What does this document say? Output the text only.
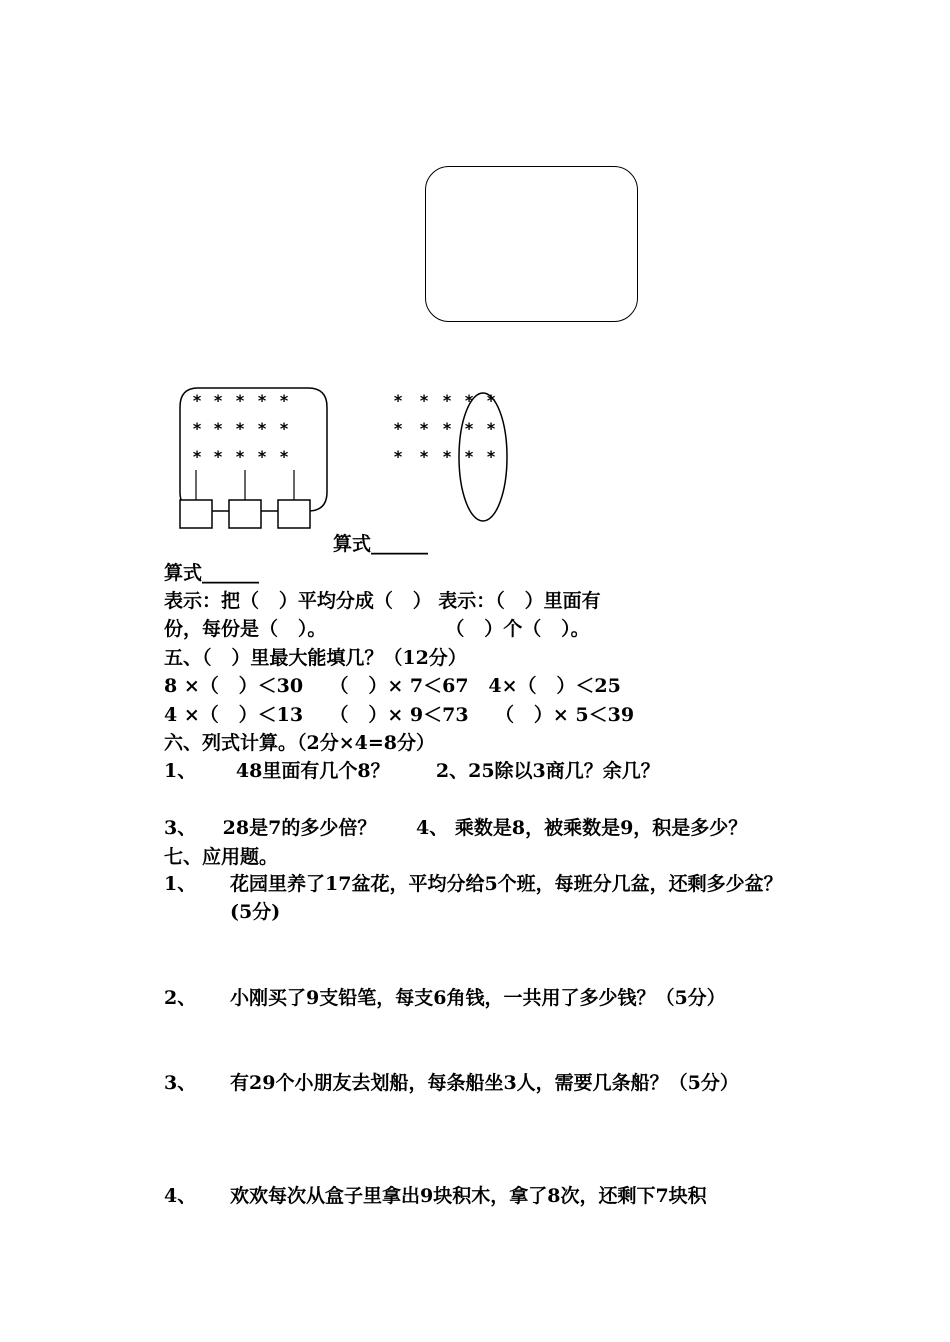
* * * * *
* * * * *
* * * * *
* * * * *
* * * * *
* * * * *
算式______
算式______
表示：把（   ）平均分成（   ） 表示：（   ）里面有
份，每份是（   ）。                  （   ）个（   ）。
五、（   ）里最大能填几？（12分）
8 ×（   ）＜30    （   ）× 7＜67   4×（   ）＜25
4 ×（   ）＜13    （   ）× 9＜73    （   ）× 5＜39
六、列式计算。（2分×4=8分）
1、      48里面有几个8？       2、25除以3商几？余几？
3、    28是7的多少倍？      4、 乘数是8，被乘数是9，积是多少？
七、应用题。
1、 花园里养了17盆花，平均分给5个班，每班分几盆，还剩多少盆？(5分)
2、 小刚买了9支铅笔，每支6角钱，一共用了多少钱？（5分）
3、 有29个小朋友去划船，每条船坐3人，需要几条船？（5分）
4、 欢欢每次从盒子里拿出9块积木，拿了8次，还剩下7块积
